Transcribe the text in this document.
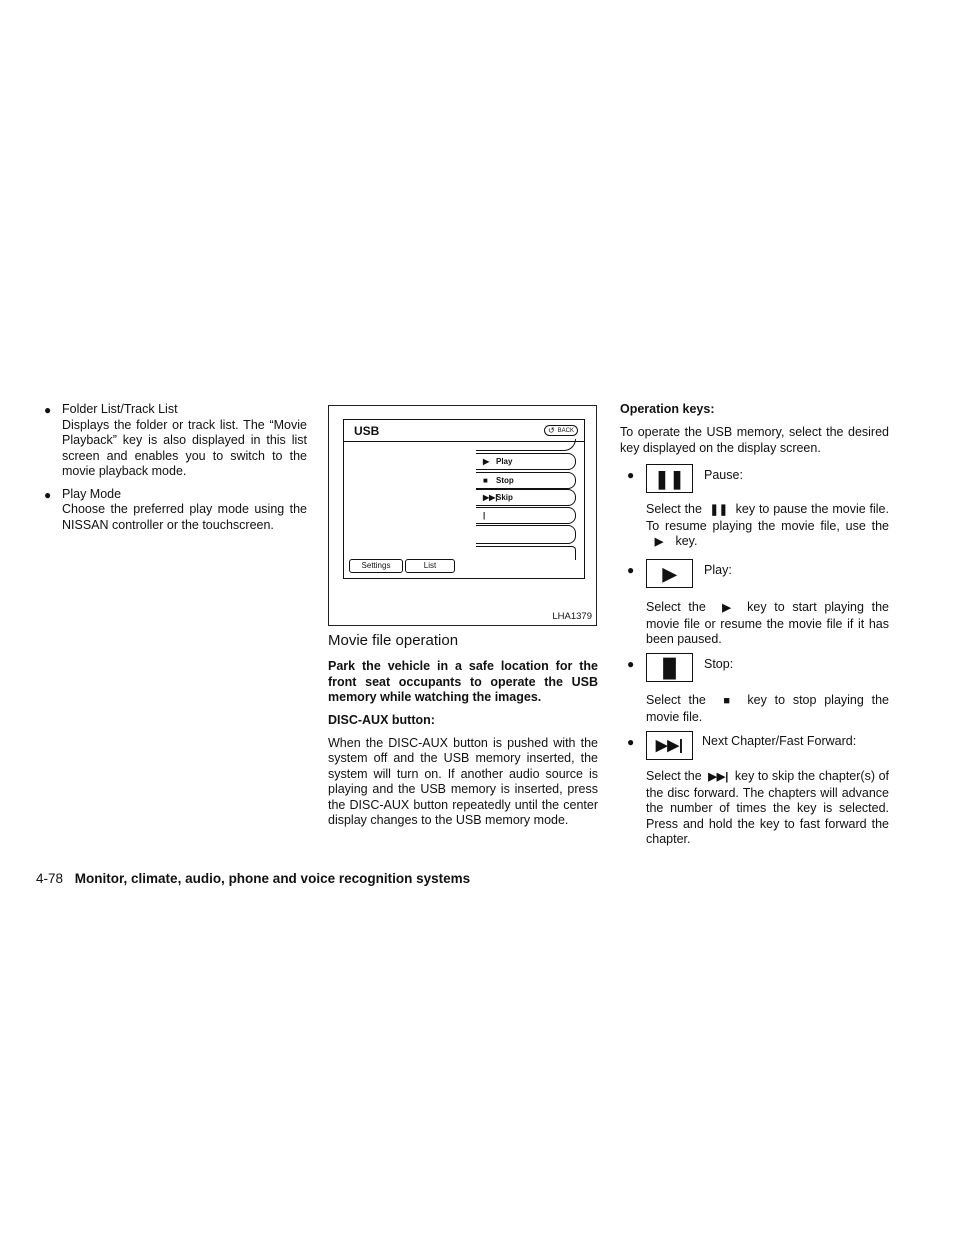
● Folder List/Track List

Displays the folder or track list. The “Movie Playback” key is also displayed in this list screen and enables you to switch to the movie playback mode.

● Play Mode

Choose the preferred play mode using the NISSAN controller or the touchscreen.

USB	↺ BACK
▶ Play
■ Stop
▶▶|Skip
|
Settings	List
LHA1379
Movie file operation

Park the vehicle in a safe location for the front seat occupants to operate the USB memory while watching the images.

DISC-AUX button:

When the DISC-AUX button is pushed with the system off and the USB memory inserted, the system will turn on. If another audio source is playing and the USB memory is inserted, press the DISC-AUX button repeatedly until the center display changes to the USB memory mode.

Operation keys:

To operate the USB memory, select the desired key displayed on the display screen.

● ❚❚ Pause:
Select the ❚❚ key to pause the movie file. To resume playing the movie file, use the ▶ key.
● ▶ Play:
Select the ▶ key to start playing the movie file or resume the movie file if it has been paused.
● █ Stop:
Select the ■ key to stop playing the movie file.
● ▶▶| Next Chapter/Fast Forward:
Select the ▶▶| key to skip the chapter(s) of the disc forward. The chapters will advance the number of times the key is selected. Press and hold the key to fast forward the chapter.
4-78 Monitor, climate, audio, phone and voice recognition systems
